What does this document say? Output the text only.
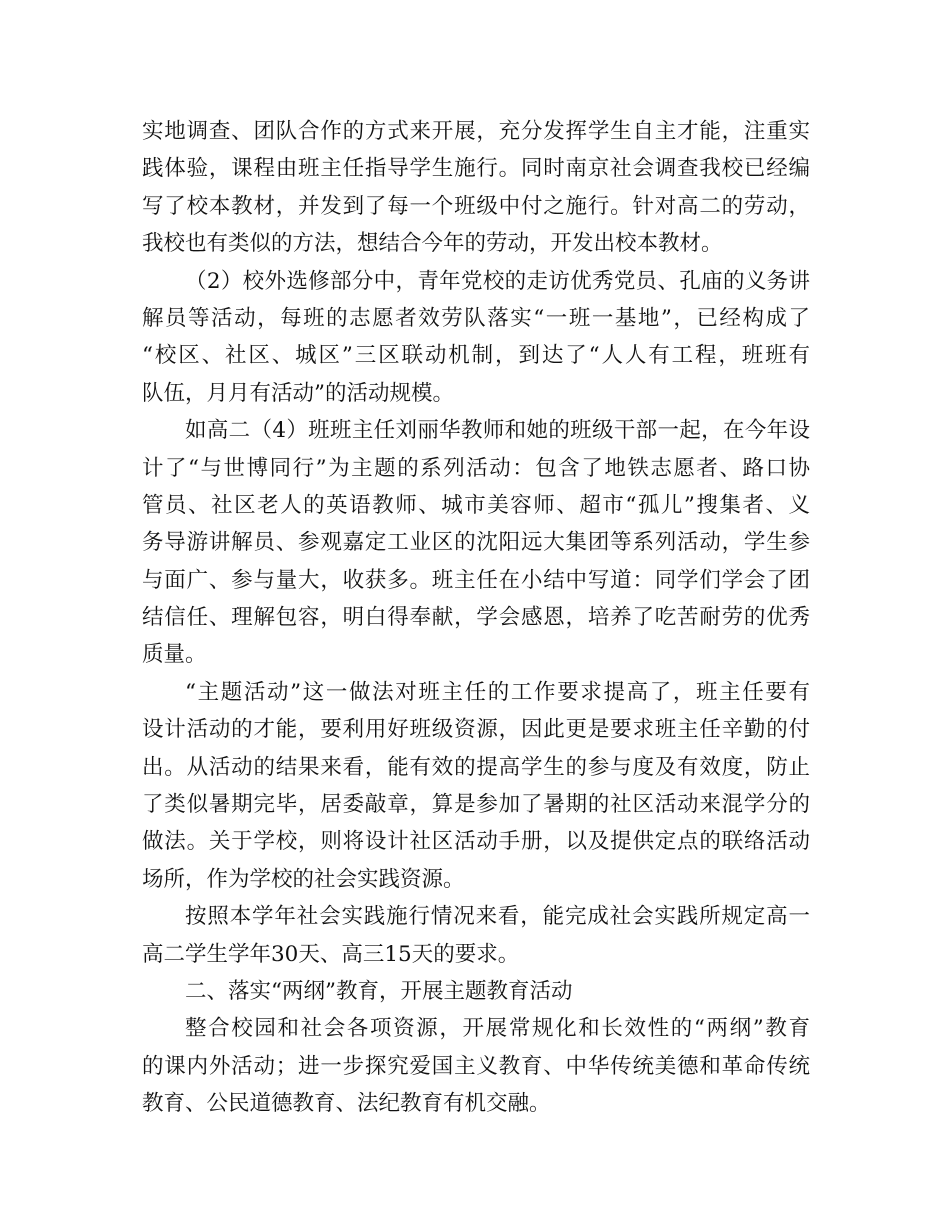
实地调查、团队合作的方式来开展，充分发挥学生自主才能，注重实
践体验，课程由班主任指导学生施行。同时南京社会调查我校已经编
写了校本教材，并发到了每一个班级中付之施行。针对高二的劳动，
我校也有类似的方法，想结合今年的劳动，开发出校本教材。

（2）校外选修部分中，青年党校的走访优秀党员、孔庙的义务讲
解员等活动，每班的志愿者效劳队落实“一班一基地”，已经构成了
“校区、社区、城区”三区联动机制，到达了“人人有工程，班班有
队伍，月月有活动”的活动规模。

如高二（4）班班主任刘丽华教师和她的班级干部一起，在今年设
计了“与世博同行”为主题的系列活动：包含了地铁志愿者、路口协
管员、社区老人的英语教师、城市美容师、超市“孤儿”搜集者、义
务导游讲解员、参观嘉定工业区的沈阳远大集团等系列活动，学生参
与面广、参与量大，收获多。班主任在小结中写道：同学们学会了团
结信任、理解包容，明白得奉献，学会感恩，培养了吃苦耐劳的优秀
质量。

“主题活动”这一做法对班主任的工作要求提高了，班主任要有
设计活动的才能，要利用好班级资源，因此更是要求班主任辛勤的付
出。从活动的结果来看，能有效的提高学生的参与度及有效度，防止
了类似暑期完毕，居委敲章，算是参加了暑期的社区活动来混学分的
做法。关于学校，则将设计社区活动手册，以及提供定点的联络活动
场所，作为学校的社会实践资源。

按照本学年社会实践施行情况来看，能完成社会实践所规定高一
高二学生学年30天、高三15天的要求。

二、落实“两纲”教育，开展主题教育活动

整合校园和社会各项资源，开展常规化和长效性的“两纲”教育
的课内外活动；进一步探究爱国主义教育、中华传统美德和革命传统
教育、公民道德教育、法纪教育有机交融。
